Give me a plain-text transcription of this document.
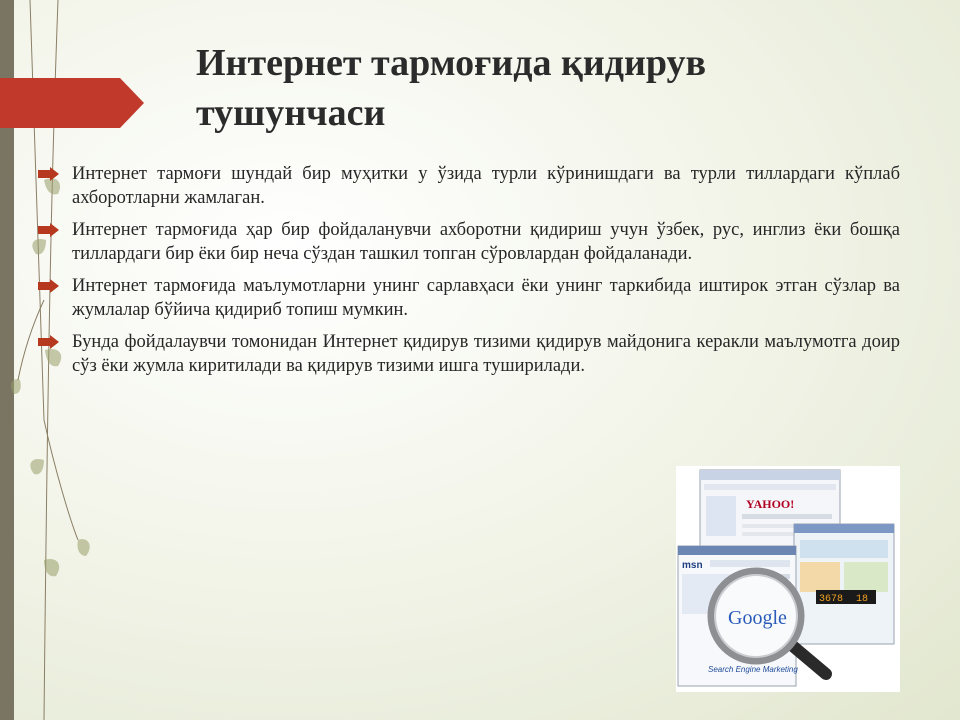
Интернет тармоғида қидирув
тушунчаси
Интернет тармоғи шундай бир муҳитки у ўзида турли кўринишдаги ва турли тиллардаги кўплаб ахборотларни жамлаган.
Интернет тармоғида ҳар бир фойдаланувчи ахборотни қидириш учун ўзбек, рус, инглиз ёки бошқа тиллардаги бир ёки бир неча сўздан ташкил топган сўровлардан фойдаланади.
Интернет тармоғида маълумотларни унинг сарлавҳаси ёки унинг таркибида иштирок этган сўзлар ва жумлалар бўйича қидириб топиш мумкин.
Бунда фойдалаувчи томонидан Интернет қидирув тизими қидирув майдонига керакли маълумотга доир сўз ёки жумла киритилади ва қидирув тизими ишга туширилади.
YAHOO!
3678 18
msn
Google
Search Engine Marketing
